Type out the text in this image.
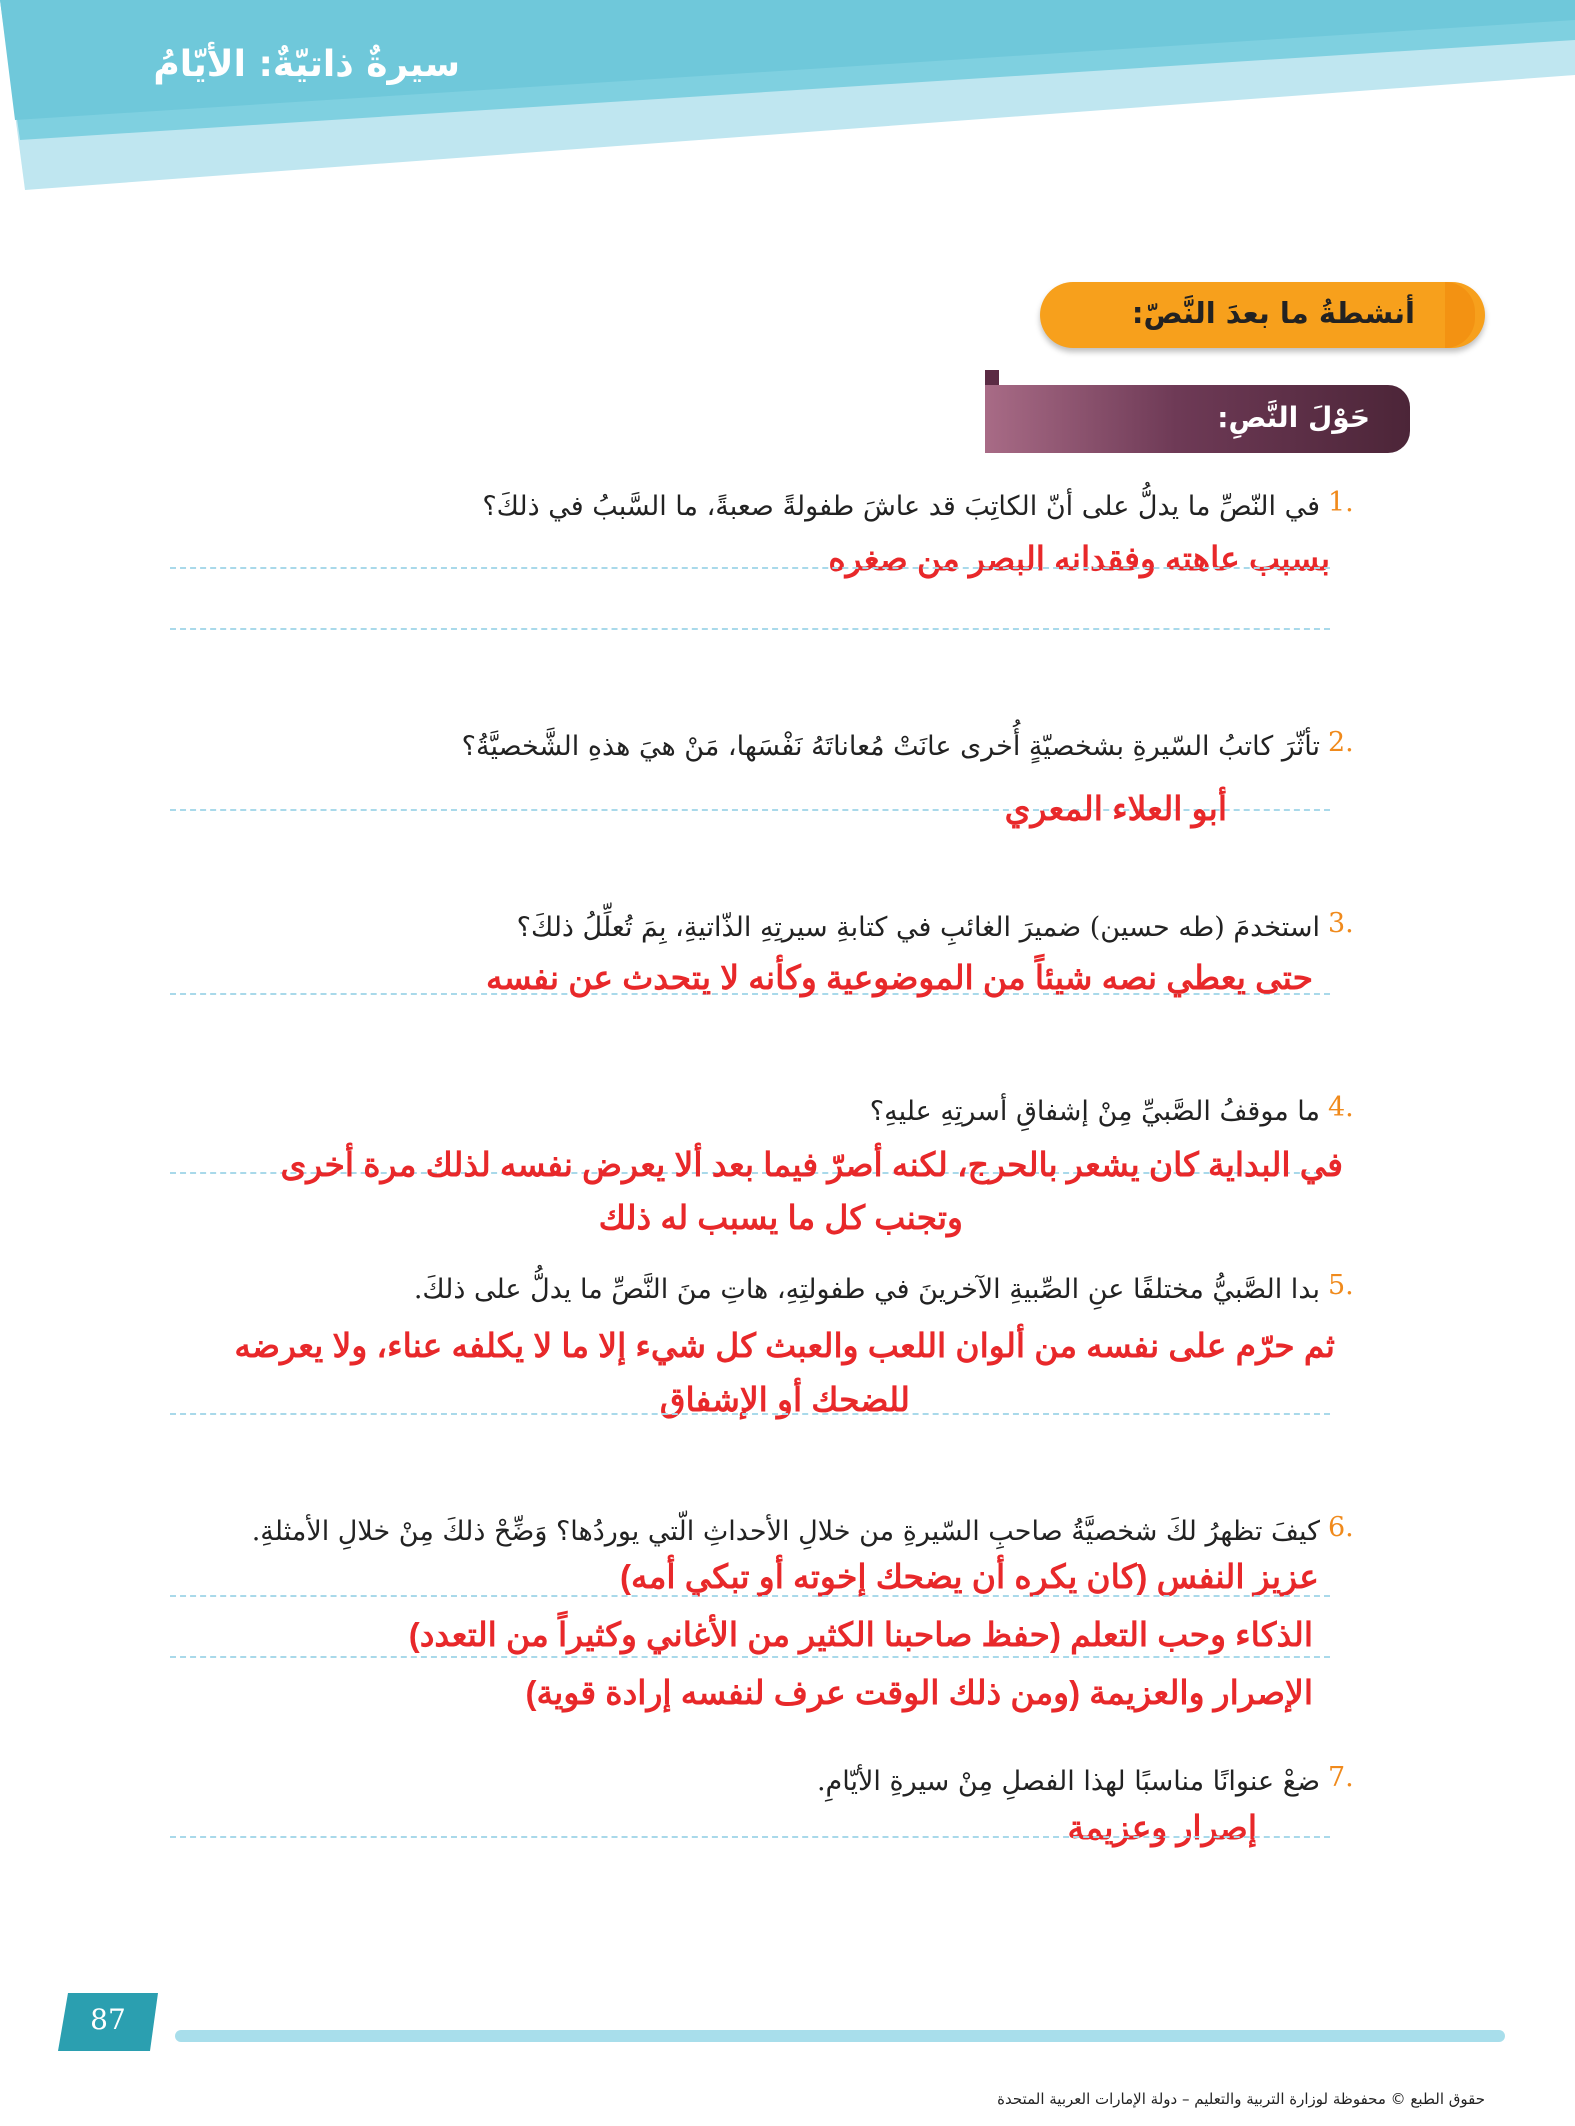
سيرةٌ ذاتيّةٌ: الأيّامُ
أنشطةُ ما بعدَ النَّصّ:
حَوْلَ النَّصِ:
1.
في النّصِّ ما يدلُّ على أنّ الكاتِبَ قد عاشَ طفولةً صعبةً، ما السَّببُ في ذلكَ؟
بسبب عاهته وفقدانه البصر من صغره
2.
تأثّرَ كاتبُ السّيرةِ بشخصيّةٍ أُخرى عانَتْ مُعاناتَهُ نَفْسَها، مَنْ هيَ هذهِ الشَّخصيَّةُ؟
أبو العلاء المعري
3.
استخدمَ (طه حسين) ضميرَ الغائبِ في كتابةِ سيرتِهِ الذّاتيةِ، بِمَ تُعلِّلُ ذلكَ؟
حتى يعطي نصه شيئاً من الموضوعية وكأنه لا يتحدث عن نفسه
4.
ما موقفُ الصَّبيِّ مِنْ إشفاقِ أسرتِهِ عليهِ؟
في البداية كان يشعر بالحرج، لكنه أصرّ فيما بعد ألا يعرض نفسه لذلك مرة أخرى
وتجنب كل ما يسبب له ذلك
5.
بدا الصَّبيُّ مختلفًا عنِ الصِّبيةِ الآخرينَ في طفولتِهِ، هاتِ منَ النَّصِّ ما يدلُّ على ذلكَ.
ثم حرّم على نفسه من ألوان اللعب والعبث كل شيء إلا ما لا يكلفه عناء، ولا يعرضه
للضحك أو الإشفاق
6.
كيفَ تظهرُ لكَ شخصيَّةُ صاحبِ السّيرةِ من خلالِ الأحداثِ الّتي يوردُها؟ وَضِّحْ ذلكَ مِنْ خلالِ الأمثلةِ.
عزيز النفس (كان يكره أن يضحك إخوته أو تبكي أمه)
الذكاء وحب التعلم (حفظ صاحبنا الكثير من الأغاني وكثيراً من التعدد)
الإصرار والعزيمة (ومن ذلك الوقت عرف لنفسه إرادة قوية)
7.
ضعْ عنوانًا مناسبًا لهذا الفصلِ مِنْ سيرةِ الأيّامِ.
إصرار وعزيمة
87
حقوق الطبع © محفوظة لوزارة التربية والتعليم – دولة الإمارات العربية المتحدة
